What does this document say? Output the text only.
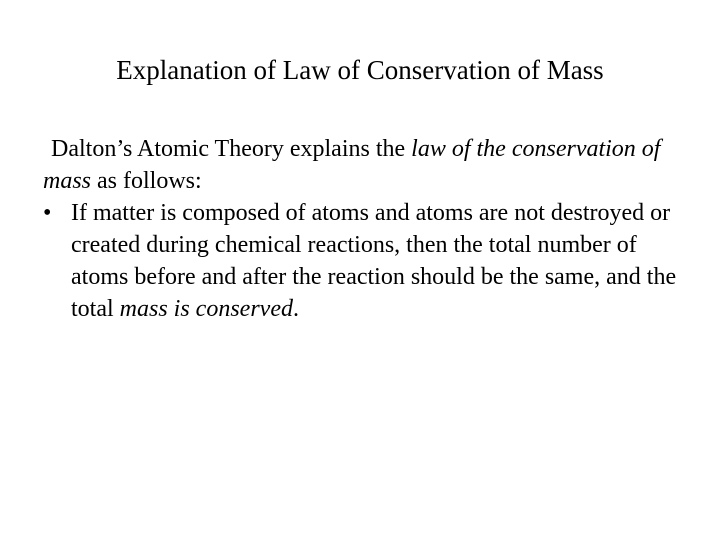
Explanation of Law of Conservation of Mass

Dalton’s Atomic Theory explains the law of the conservation of mass as follows:

• If matter is composed of atoms and atoms are not destroyed or created during chemical reactions, then the total number of atoms before and after the reaction should be the same, and the total mass is conserved.
